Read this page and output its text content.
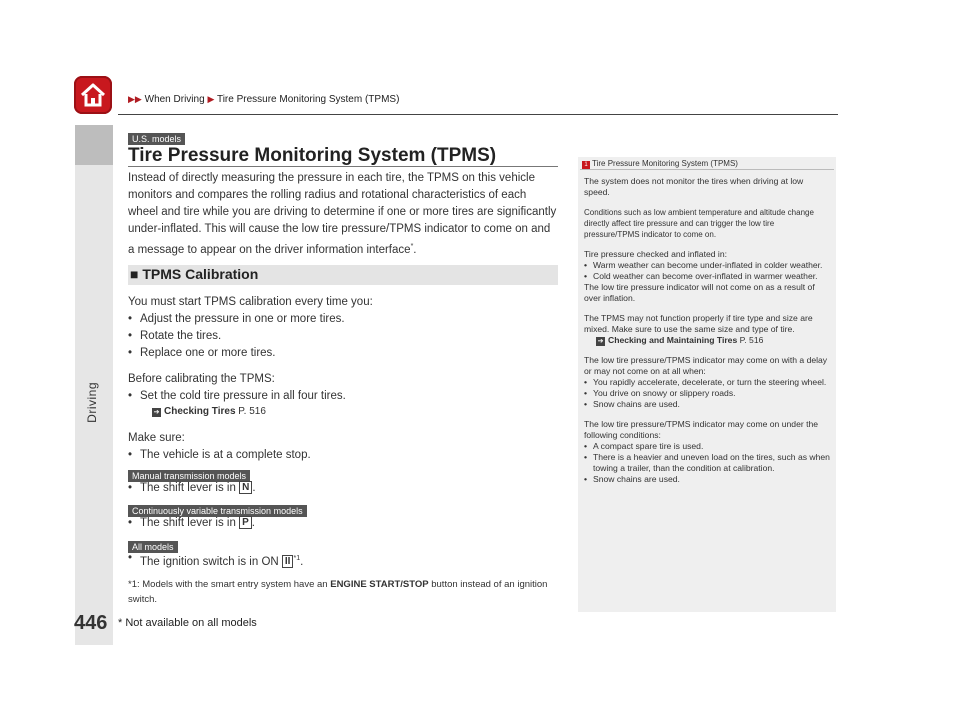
Driving
▶▶ When Driving ▶ Tire Pressure Monitoring System (TPMS)
U.S. models
Tire Pressure Monitoring System (TPMS)
Instead of directly measuring the pressure in each tire, the TPMS on this vehicle monitors and compares the rolling radius and rotational characteristics of each wheel and tire while you are driving to determine if one or more tires are significantly under-inflated. This will cause the low tire pressure/TPMS indicator to come on and a message to appear on the driver information interface*.
■ TPMS Calibration
You must start TPMS calibration every time you:
• Adjust the pressure in one or more tires.
• Rotate the tires.
• Replace one or more tires.
Before calibrating the TPMS:
• Set the cold tire pressure in all four tires.
➔ Checking Tires P. 516
Make sure:
• The vehicle is at a complete stop.
Manual transmission models
• The shift lever is in N .
Continuously variable transmission models
• The shift lever is in P .
All models
• The ignition switch is in ON II $^{*1}$.
*1: Models with the smart entry system have an ENGINE START/STOP button instead of an ignition switch.
1 Tire Pressure Monitoring System (TPMS)
The system does not monitor the tires when driving at low speed.
Conditions such as low ambient temperature and altitude change directly affect tire pressure and can trigger the low tire pressure/TPMS indicator to come on.
Tire pressure checked and inflated in:
• Warm weather can become under-inflated in colder weather.
• Cold weather can become over-inflated in warmer weather.
The low tire pressure indicator will not come on as a result of over inflation.
The TPMS may not function properly if tire type and size are mixed. Make sure to use the same size and type of tire.
➔ Checking and Maintaining Tires P. 516
The low tire pressure/TPMS indicator may come on with a delay or may not come on at all when:
• You rapidly accelerate, decelerate, or turn the steering wheel.
• You drive on snowy or slippery roads.
• Snow chains are used.
The low tire pressure/TPMS indicator may come on under the following conditions:
• A compact spare tire is used.
• There is a heavier and uneven load on the tires, such as when towing a trailer, than the condition at calibration.
• Snow chains are used.
446 * Not available on all models
